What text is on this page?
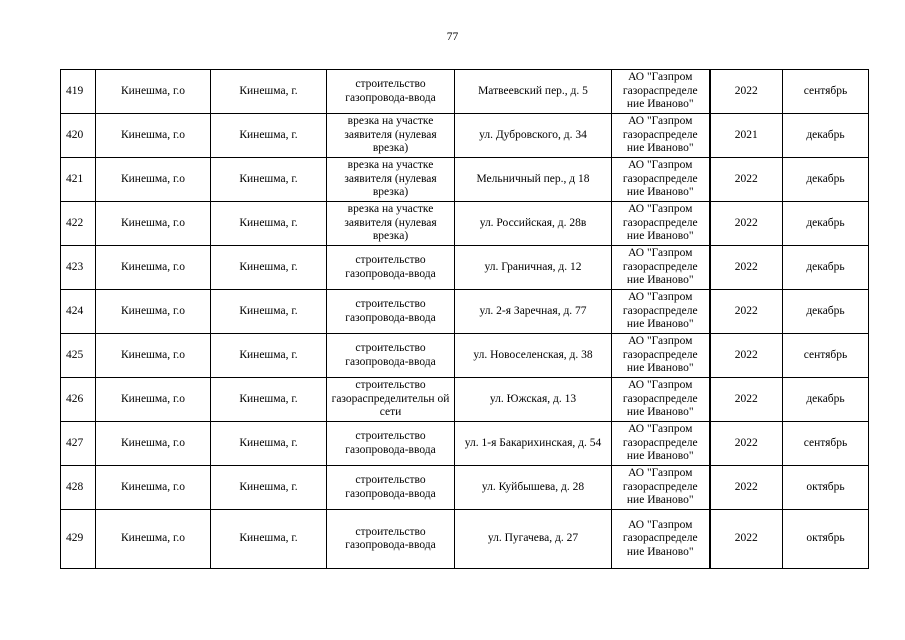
77
419	Кинешма, г.о	Кинешма, г.	строительство газопровода-ввода	Матвеевский пер., д. 5	АО "Газпром газораспределе ние Иваново"	2022	сентябрь
420	Кинешма, г.о	Кинешма, г.	врезка на участке заявителя (нулевая врезка)	ул. Дубровского, д. 34	АО "Газпром газораспределе ние Иваново"	2021	декабрь
421	Кинешма, г.о	Кинешма, г.	врезка на участке заявителя (нулевая врезка)	Мельничный пер., д 18	АО "Газпром газораспределе ние Иваново"	2022	декабрь
422	Кинешма, г.о	Кинешма, г.	врезка на участке заявителя (нулевая врезка)	ул. Российская, д. 28в	АО "Газпром газораспределе ние Иваново"	2022	декабрь
423	Кинешма, г.о	Кинешма, г.	строительство газопровода-ввода	ул. Граничная, д. 12	АО "Газпром газораспределе ние Иваново"	2022	декабрь
424	Кинешма, г.о	Кинешма, г.	строительство газопровода-ввода	ул. 2-я Заречная, д. 77	АО "Газпром газораспределе ние Иваново"	2022	декабрь
425	Кинешма, г.о	Кинешма, г.	строительство газопровода-ввода	ул. Новоселенская, д. 38	АО "Газпром газораспределе ние Иваново"	2022	сентябрь
426	Кинешма, г.о	Кинешма, г.	строительство газораспределительн ой сети	ул. Южская, д. 13	АО "Газпром газораспределе ние Иваново"	2022	декабрь
427	Кинешма, г.о	Кинешма, г.	строительство газопровода-ввода	ул. 1-я Бакарихинская, д. 54	АО "Газпром газораспределе ние Иваново"	2022	сентябрь
428	Кинешма, г.о	Кинешма, г.	строительство газопровода-ввода	ул. Куйбышева, д. 28	АО "Газпром газораспределе ние Иваново"	2022	октябрь
429	Кинешма, г.о	Кинешма, г.	строительство газопровода-ввода	ул. Пугачева, д. 27	АО "Газпром газораспределе ние Иваново"	2022	октябрь
